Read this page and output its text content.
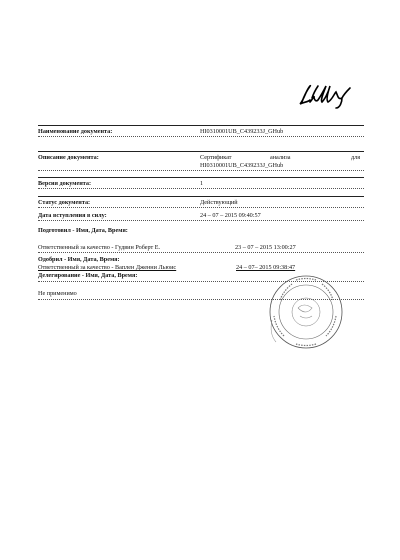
Наименование документа:	HI0310001UB_C439233J_GHub
Описание документа:	Сертификат	анализа	для
HI0310001UB_C439233J_GHub
Версия документа:	1
Статус документа:	Действующий
Дата вступления в силу:	24 – 07 – 2015 09:40:57
Подготовил - Имя, Дата, Время:
Ответственный за качество - Гудвин Роберт Е.	23 – 07 – 2015 13:00:27
Одобрил - Имя, Дата, Время:
Ответственный за качество - Ваплен Дженни Льюис	24 – 07– 2015 09:38:47
Делегирование - Имя, Дата, Время:
Не применимо
